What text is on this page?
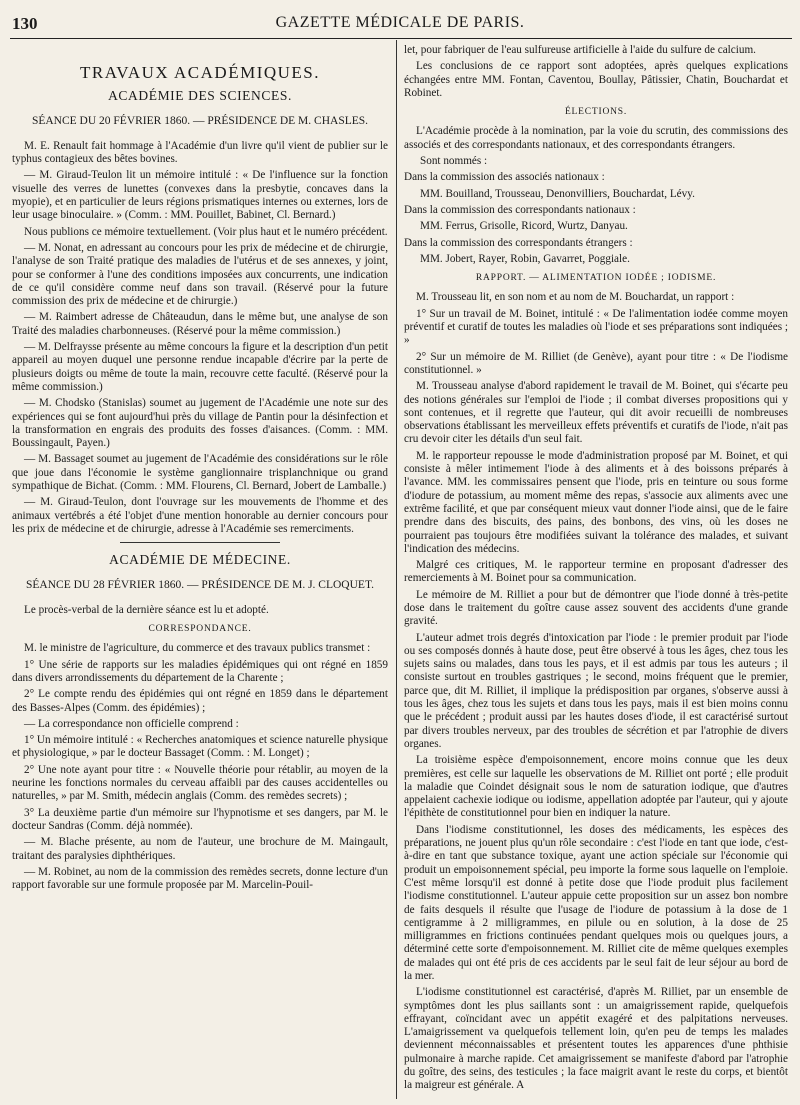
130	GAZETTE MÉDICALE DE PARIS.
TRAVAUX ACADÉMIQUES.
ACADÉMIE DES SCIENCES.
SÉANCE DU 20 FÉVRIER 1860. — PRÉSIDENCE DE M. CHASLES.

M. E. Renault fait hommage à l'Académie d'un livre qu'il vient de publier sur le typhus contagieux des bêtes bovines.

— M. Giraud-Teulon lit un mémoire intitulé : « De l'influence sur la fonction visuelle des verres de lunettes (convexes dans la presbytie, concaves dans la myopie), et en particulier de leurs régions prismatiques internes ou externes, lors de leur usage binoculaire. » (Comm. : MM. Pouillet, Babinet, Cl. Bernard.)

Nous publions ce mémoire textuellement. (Voir plus haut et le numéro précédent.

— M. Nonat, en adressant au concours pour les prix de médecine et de chirurgie, l'analyse de son Traité pratique des maladies de l'utérus et de ses annexes, y joint, pour se conformer à l'une des conditions imposées aux concurrents, une indication de ce qu'il considère comme neuf dans son travail. (Réservé pour la future commission des prix de médecine et de chirurgie.)

— M. Raimbert adresse de Châteaudun, dans le même but, une analyse de son Traité des maladies charbonneuses. (Réservé pour la même commission.)

— M. Delfraysse présente au même concours la figure et la description d'un petit appareil au moyen duquel une personne rendue incapable d'écrire par la perte de plusieurs doigts ou même de toute la main, recouvre cette faculté. (Réservé pour la même commission.)

— M. Chodsko (Stanislas) soumet au jugement de l'Académie une note sur des expériences qui se font aujourd'hui près du village de Pantin pour la désinfection et la transformation en engrais des produits des fosses d'aisances. (Comm. : MM. Boussingault, Payen.)

— M. Bassaget soumet au jugement de l'Académie des considérations sur le rôle que joue dans l'économie le système ganglionnaire trisplanchnique ou grand sympathique de Bichat. (Comm. : MM. Flourens, Cl. Bernard, Jobert de Lamballe.)

— M. Giraud-Teulon, dont l'ouvrage sur les mouvements de l'homme et des animaux vertébrés a été l'objet d'une mention honorable au dernier concours pour les prix de médecine et de chirurgie, adresse à l'Académie ses remerciments.

ACADÉMIE DE MÉDECINE.
SÉANCE DU 28 FÉVRIER 1860. — PRÉSIDENCE DE M. J. CLOQUET.

Le procès-verbal de la dernière séance est lu et adopté.

CORRESPONDANCE.

M. le ministre de l'agriculture, du commerce et des travaux publics transmet :

1° Une série de rapports sur les maladies épidémiques qui ont régné en 1859 dans divers arrondissements du département de la Charente ;

2° Le compte rendu des épidémies qui ont régné en 1859 dans le département des Basses-Alpes (Comm. des épidémies) ;

— La correspondance non officielle comprend :

1° Un mémoire intitulé : « Recherches anatomiques et science naturelle physique et physiologique, » par le docteur Bassaget (Comm. : M. Longet) ;

2° Une note ayant pour titre : « Nouvelle théorie pour rétablir, au moyen de la neurine les fonctions normales du cerveau affaibli par des causes accidentelles ou naturelles, » par M. Smith, médecin anglais (Comm. des remèdes secrets) ;

3° La deuxième partie d'un mémoire sur l'hypnotisme et ses dangers, par M. le docteur Sandras (Comm. déjà nommée).

— M. Blache présente, au nom de l'auteur, une brochure de M. Maingault, traitant des paralysies diphthériques.

— M. Robinet, au nom de la commission des remèdes secrets, donne lecture d'un rapport favorable sur une formule proposée par M. Marcelin-Pouil-

let, pour fabriquer de l'eau sulfureuse artificielle à l'aide du sulfure de calcium.

Les conclusions de ce rapport sont adoptées, après quelques explications échangées entre MM. Fontan, Caventou, Boullay, Pâtissier, Chatin, Bouchardat et Robinet.

ÉLECTIONS.

L'Académie procède à la nomination, par la voie du scrutin, des commissions des associés et des correspondants nationaux, et des correspondants étrangers.

Sont nommés :

Dans la commission des associés nationaux :

MM. Bouilland, Trousseau, Denonvilliers, Bouchardat, Lévy.

Dans la commission des correspondants nationaux :

MM. Ferrus, Grisolle, Ricord, Wurtz, Danyau.

Dans la commission des correspondants étrangers :

MM. Jobert, Rayer, Robin, Gavarret, Poggiale.

RAPPORT. — ALIMENTATION IODÉE ; IODISME.

M. Trousseau lit, en son nom et au nom de M. Bouchardat, un rapport :

1° Sur un travail de M. Boinet, intitulé : « De l'alimentation iodée comme moyen préventif et curatif de toutes les maladies où l'iode et ses préparations sont indiquées ; »

2° Sur un mémoire de M. Rilliet (de Genève), ayant pour titre : « De l'iodisme constitutionnel. »

M. Trousseau analyse d'abord rapidement le travail de M. Boinet, qui s'écarte peu des notions générales sur l'emploi de l'iode ; il combat diverses propositions qui y sont contenues, et il regrette que l'auteur, qui dit avoir recueilli de nombreuses observations établissant les merveilleux effets préventifs et curatifs de l'iode, n'ait pas cru devoir citer les détails d'un seul fait.

M. le rapporteur repousse le mode d'administration proposé par M. Boinet, et qui consiste à mêler intimement l'iode à des aliments et à des boissons préparés à l'avance. MM. les commissaires pensent que l'iode, pris en teinture ou sous forme d'iodure de potassium, au moment même des repas, s'associe aux aliments avec une extrême facilité, et que par conséquent mieux vaut donner l'iode ainsi, que de le faire prendre dans des biscuits, des pains, des bonbons, des vins, où les doses ne pourraient pas toujours être modifiées suivant la tolérance des malades, et suivant l'indication des médecins.

Malgré ces critiques, M. le rapporteur termine en proposant d'adresser des remerciements à M. Boinet pour sa communication.

Le mémoire de M. Rilliet a pour but de démontrer que l'iode donné à très-petite dose dans le traitement du goître cause assez souvent des accidents d'une grande gravité.

L'auteur admet trois degrés d'intoxication par l'iode : le premier produit par l'iode ou ses composés donnés à haute dose, peut être observé à tous les âges, chez tous les sujets sains ou malades, dans tous les pays, et il est admis par tous les auteurs ; il consiste surtout en troubles gastriques ; le second, moins fréquent que le premier, parce que, dit M. Rilliet, il implique la prédisposition par organes, s'observe aussi à tous les âges, chez tous les sujets et dans tous les pays, mais il est bien moins connu que le précédent ; produit aussi par les hautes doses d'iode, il est caractérisé surtout par divers troubles nerveux, par des troubles de sécrétion et par l'atrophie de divers organes.

La troisième espèce d'empoisonnement, encore moins connue que les deux premières, est celle sur laquelle les observations de M. Rilliet ont porté ; elle produit la maladie que Coindet désignait sous le nom de saturation iodique, que d'autres appelaient cachexie iodique ou iodisme, appellation adoptée par l'auteur, qui y ajoute l'épithète de constitutionnel pour bien en indiquer la nature.

Dans l'iodisme constitutionnel, les doses des médicaments, les espèces des préparations, ne jouent plus qu'un rôle secondaire : c'est l'iode en tant que iode, c'est-à-dire en tant que substance toxique, ayant une action spéciale sur l'économie qui produit un empoisonnement spécial, peu importe la forme sous laquelle on l'emploie. C'est même lorsqu'il est donné à petite dose que l'iode produit plus facilement l'iodisme constitutionnel. L'auteur appuie cette proposition sur un assez bon nombre de faits desquels il résulte que l'usage de l'iodure de potassium à la dose de 1 centigramme à 2 milligrammes, en pilule ou en solution, à la dose de 25 milligrammes en frictions continuées pendant quelques mois ou quelques jours, a déterminé cette sorte d'empoisonnement. M. Rilliet cite de même quelques exemples de malades qui ont été pris de ces accidents par le seul fait de leur séjour au bord de la mer.

L'iodisme constitutionnel est caractérisé, d'après M. Rilliet, par un ensemble de symptômes dont les plus saillants sont : un amaigrissement rapide, quelquefois effrayant, coïncidant avec un appétit exagéré et des palpitations nerveuses. L'amaigrissement va quelquefois tellement loin, qu'en peu de temps les malades deviennent méconnaissables et présentent toutes les apparences d'une phthisie pulmonaire à marche rapide. Cet amaigrissement se manifeste d'abord par l'atrophie du goître, des seins, des testicules ; la face maigrit avant le reste du corps, et bientôt la maigreur est générale. A
